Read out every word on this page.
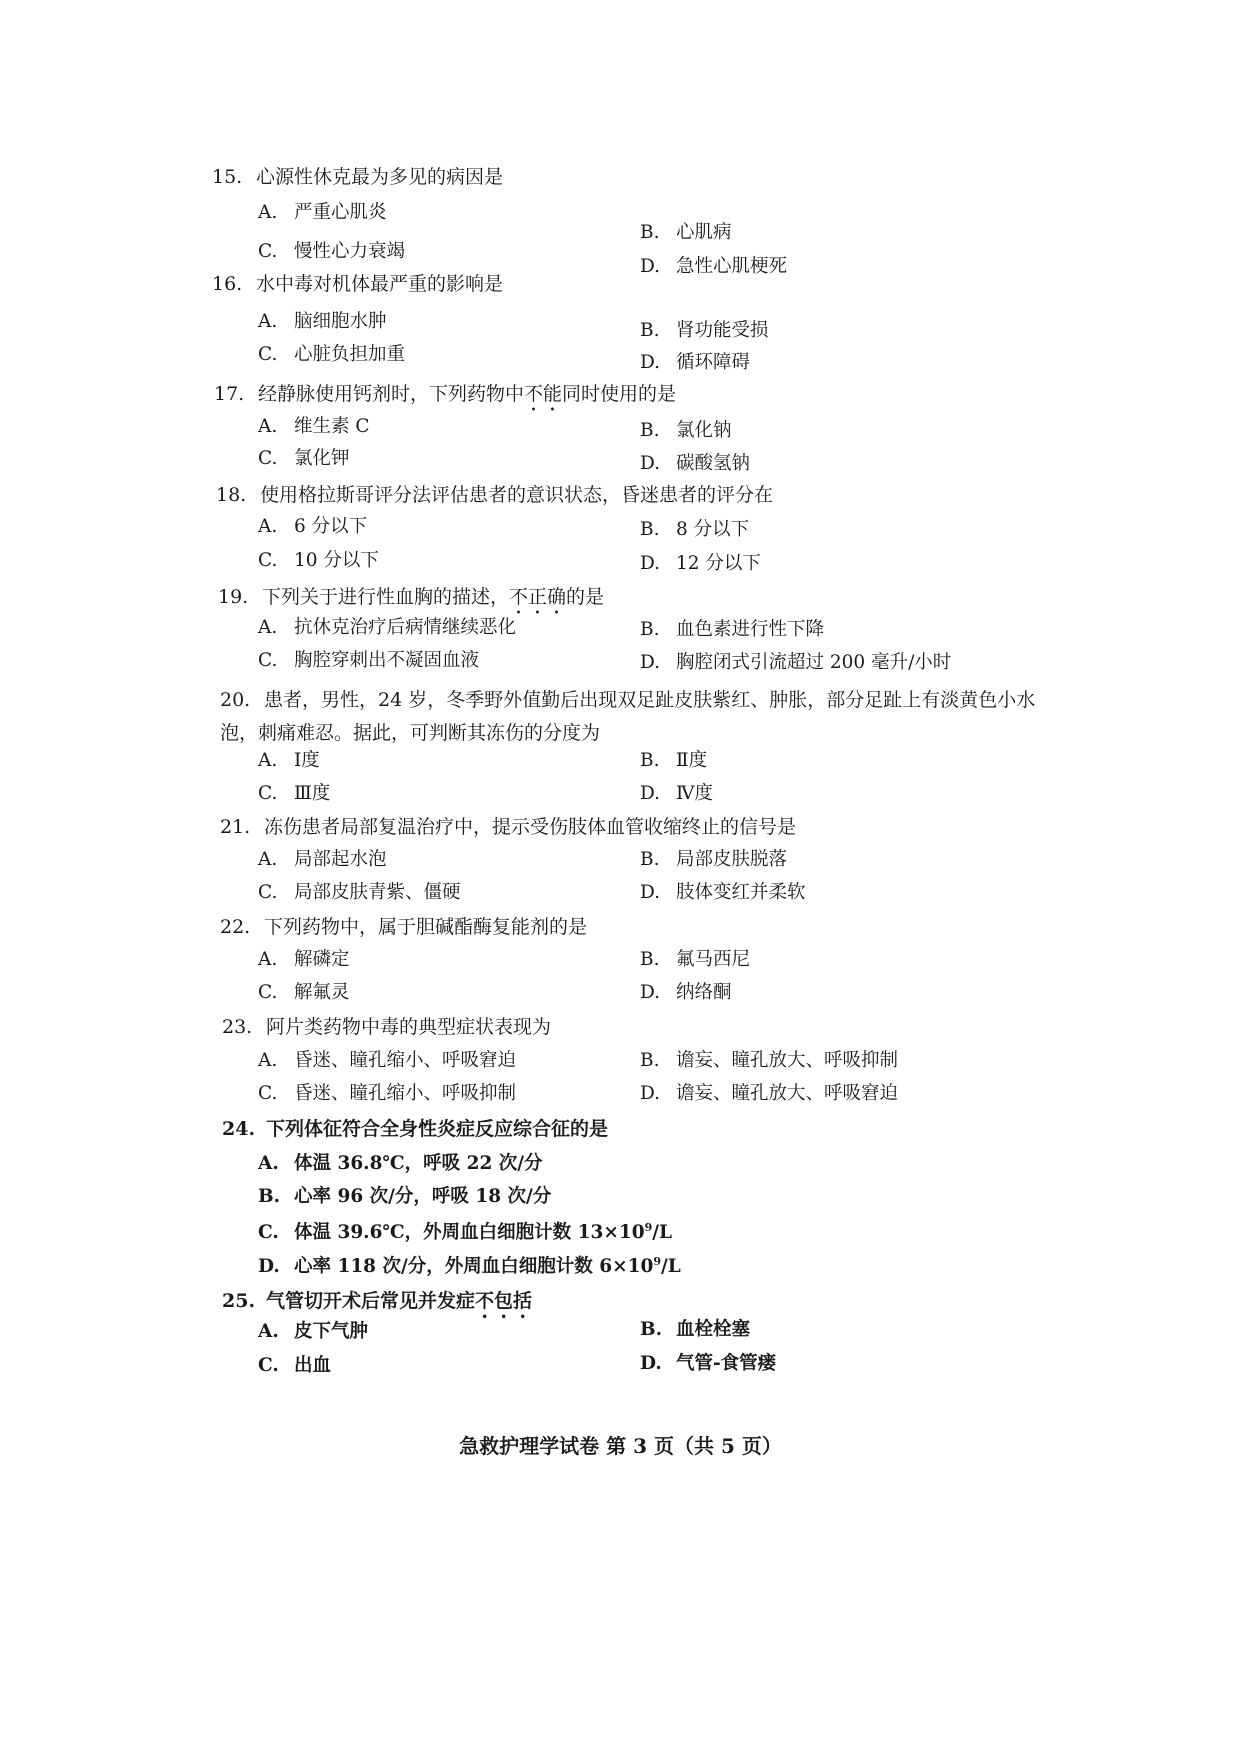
15. 心源性休克最为多见的病因是
A. 严重心肌炎
B. 心肌病
C. 慢性心力衰竭
D. 急性心肌梗死
16. 水中毒对机体最严重的影响是
A. 脑细胞水肿	B. 肾功能受损
C. 心脏负担加重	D. 循环障碍
17. 经静脉使用钙剂时，下列药物中不能同时使用的是
A. 维生素 C	B. 氯化钠
C. 氯化钾	D. 碳酸氢钠
18. 使用格拉斯哥评分法评估患者的意识状态，昏迷患者的评分在
A. 6 分以下	B. 8 分以下
C. 10 分以下	D. 12 分以下
19. 下列关于进行性血胸的描述，不正确的是
A. 抗休克治疗后病情继续恶化	B. 血色素进行性下降
C. 胸腔穿刺出不凝固血液	D. 胸腔闭式引流超过 200 毫升/小时
20. 患者，男性，24 岁，冬季野外值勤后出现双足趾皮肤紫红、肿胀，部分足趾上有淡黄色小水泡，刺痛难忍。据此，可判断其冻伤的分度为
A. Ⅰ度	B. Ⅱ度
C. Ⅲ度	D. Ⅳ度
21. 冻伤患者局部复温治疗中，提示受伤肢体血管收缩终止的信号是
A. 局部起水泡	B. 局部皮肤脱落
C. 局部皮肤青紫、僵硬	D. 肢体变红并柔软
22. 下列药物中，属于胆碱酯酶复能剂的是
A. 解磷定	B. 氟马西尼
C. 解氟灵	D. 纳络酮
23. 阿片类药物中毒的典型症状表现为
A. 昏迷、瞳孔缩小、呼吸窘迫	B. 谵妄、瞳孔放大、呼吸抑制
C. 昏迷、瞳孔缩小、呼吸抑制	D. 谵妄、瞳孔放大、呼吸窘迫
24. 下列体征符合全身性炎症反应综合征的是
A. 体温 36.8℃，呼吸 22 次/分
B. 心率 96 次/分，呼吸 18 次/分
C. 体温 39.6℃，外周血白细胞计数 $13\times 10^9/L$
D. 心率 118 次/分，外周血白细胞计数 $6\times 10^9/L$
25. 气管切开术后常见并发症不包括
A. 皮下气肿	B. 血栓栓塞
C. 出血	D. 气管-食管瘘
急救护理学试卷 第 3 页（共 5 页）
